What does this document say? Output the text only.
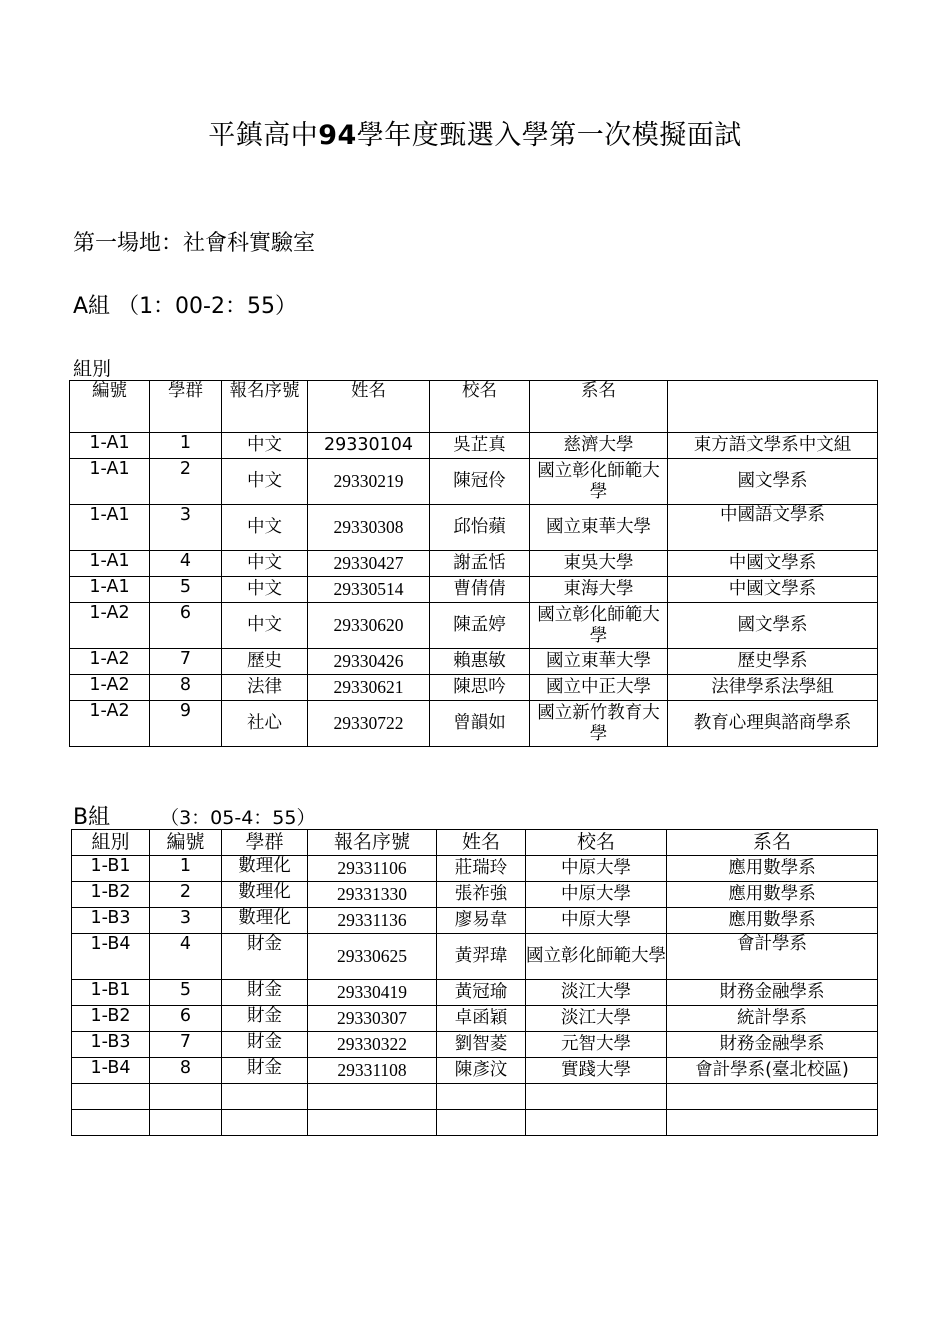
平鎮高中94學年度甄選入學第一次模擬面試
第一場地：社會科實驗室
A組 （1：00-2：55）
組別
編號	學群	報名序號	姓名	校名	系名	
1-A1	1	中文	29330104	吳芷真	慈濟大學	東方語文學系中文組
1-A1	2	中文	29330219	陳冠伶	國立彰化師範大學	國文學系
1-A1	3	中文	29330308	邱怡蘋	國立東華大學	中國語文學系
1-A1	4	中文	29330427	謝孟恬	東吳大學	中國文學系
1-A1	5	中文	29330514	曹倩倩	東海大學	中國文學系
1-A2	6	中文	29330620	陳孟婷	國立彰化師範大學	國文學系
1-A2	7	歷史	29330426	賴惠敏	國立東華大學	歷史學系
1-A2	8	法律	29330621	陳思吟	國立中正大學	法律學系法學組
1-A2	9	社心	29330722	曾韻如	國立新竹教育大學	教育心理與諮商學系
B組	（3：05-4：55）
組別	編號	學群	報名序號	姓名	校名	系名
1-B1	1	數理化	29331106	莊瑞玲	中原大學	應用數學系
1-B2	2	數理化	29331330	張祚強	中原大學	應用數學系
1-B3	3	數理化	29331136	廖易韋	中原大學	應用數學系
1-B4	4	財金	29330625	黃羿瑋	國立彰化師範大學	會計學系
1-B1	5	財金	29330419	黃冠瑜	淡江大學	財務金融學系
1-B2	6	財金	29330307	卓函穎	淡江大學	統計學系
1-B3	7	財金	29330322	劉智菱	元智大學	財務金融學系
1-B4	8	財金	29331108	陳彥汶	實踐大學	會計學系(臺北校區)
